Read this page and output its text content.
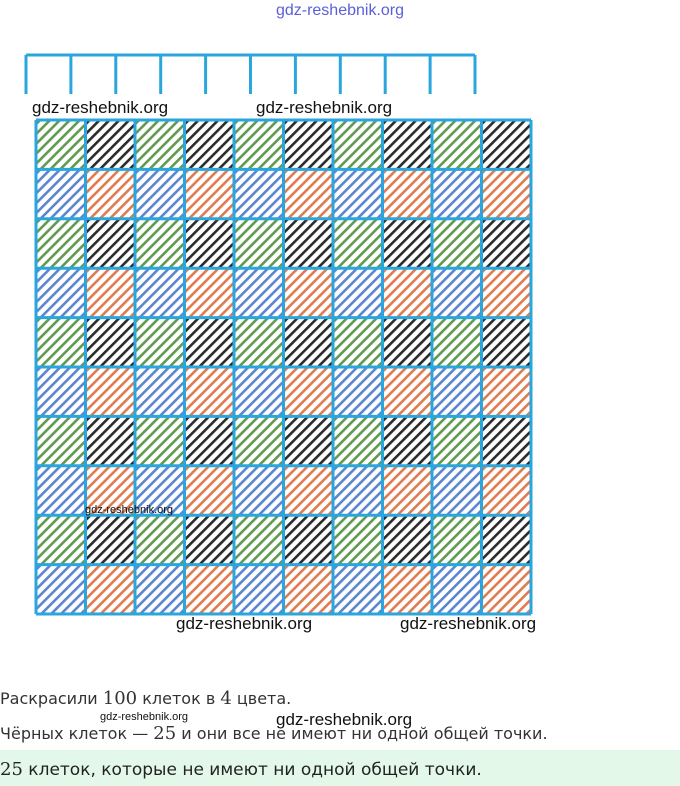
gdz-reshebnik.org
gdz-reshebnik.org	gdz-reshebnik.org
gdz-reshebnik.org
gdz-reshebnik.org	gdz-reshebnik.org
Раскрасили 100 клеток в 4 цвета.
gdz-reshebnik.org
Чёрных клеток — 25 и они все не имеют ни одной общей точки.
gdz-reshebnik.org
25 клеток, которые не имеют ни одной общей точки.
